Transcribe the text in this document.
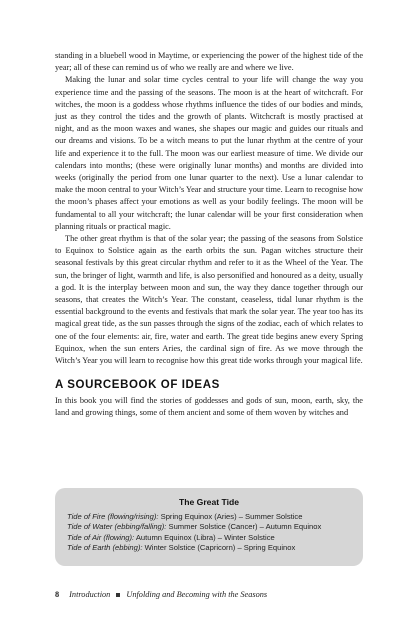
standing in a bluebell wood in Maytime, or experiencing the power of the highest tide of the year; all of these can remind us of who we really are and where we live.

Making the lunar and solar time cycles central to your life will change the way you experience time and the passing of the seasons. The moon is at the heart of witchcraft. For witches, the moon is a goddess whose rhythms influence the tides of our bodies and minds, just as they control the tides and the growth of plants. Witchcraft is mostly practised at night, and as the moon waxes and wanes, she shapes our magic and guides our rituals and our dreams and visions. To be a witch means to put the lunar rhythm at the centre of your life and experience it to the full. The moon was our earliest measure of time. We divide our calendars into months; (these were originally lunar months) and months are divided into weeks (originally the period from one lunar quarter to the next). Use a lunar calendar to make the moon central to your Witch’s Year and structure your time. Learn to recognise how the moon’s phases affect your emotions as well as your bodily feelings. The moon will be fundamental to all your witchcraft; the lunar calendar will be your first consideration when planning rituals or practical magic.

The other great rhythm is that of the solar year; the passing of the seasons from Solstice to Equinox to Solstice again as the earth orbits the sun. Pagan witches structure their seasonal festivals by this great circular rhythm and refer to it as the Wheel of the Year. The sun, the bringer of light, warmth and life, is also personified and honoured as a deity, usually a god. It is the interplay between moon and sun, the way they dance together through our seasons, that creates the Witch’s Year. The constant, ceaseless, tidal lunar rhythm is the essential background to the events and festivals that mark the solar year. The year too has its magical great tide, as the sun passes through the signs of the zodiac, each of which relates to one of the four elements: air, fire, water and earth. The great tide begins anew every Spring Equinox, when the sun enters Aries, the cardinal sign of fire. As we move through the Witch’s Year you will learn to recognise how this great tide works through your magical life.

A SOURCEBOOK OF IDEAS

In this book you will find the stories of goddesses and gods of sun, moon, earth, sky, the land and growing things, some of them ancient and some of them woven by witches and

The Great Tide
Tide of Fire (flowing/rising): Spring Equinox (Aries) – Summer Solstice
Tide of Water (ebbing/falling): Summer Solstice (Cancer) – Autumn Equinox
Tide of Air (flowing): Autumn Equinox (Libra) – Winter Solstice
Tide of Earth (ebbing): Winter Solstice (Capricorn) – Spring Equinox
8 Introduction Unfolding and Becoming with the Seasons
